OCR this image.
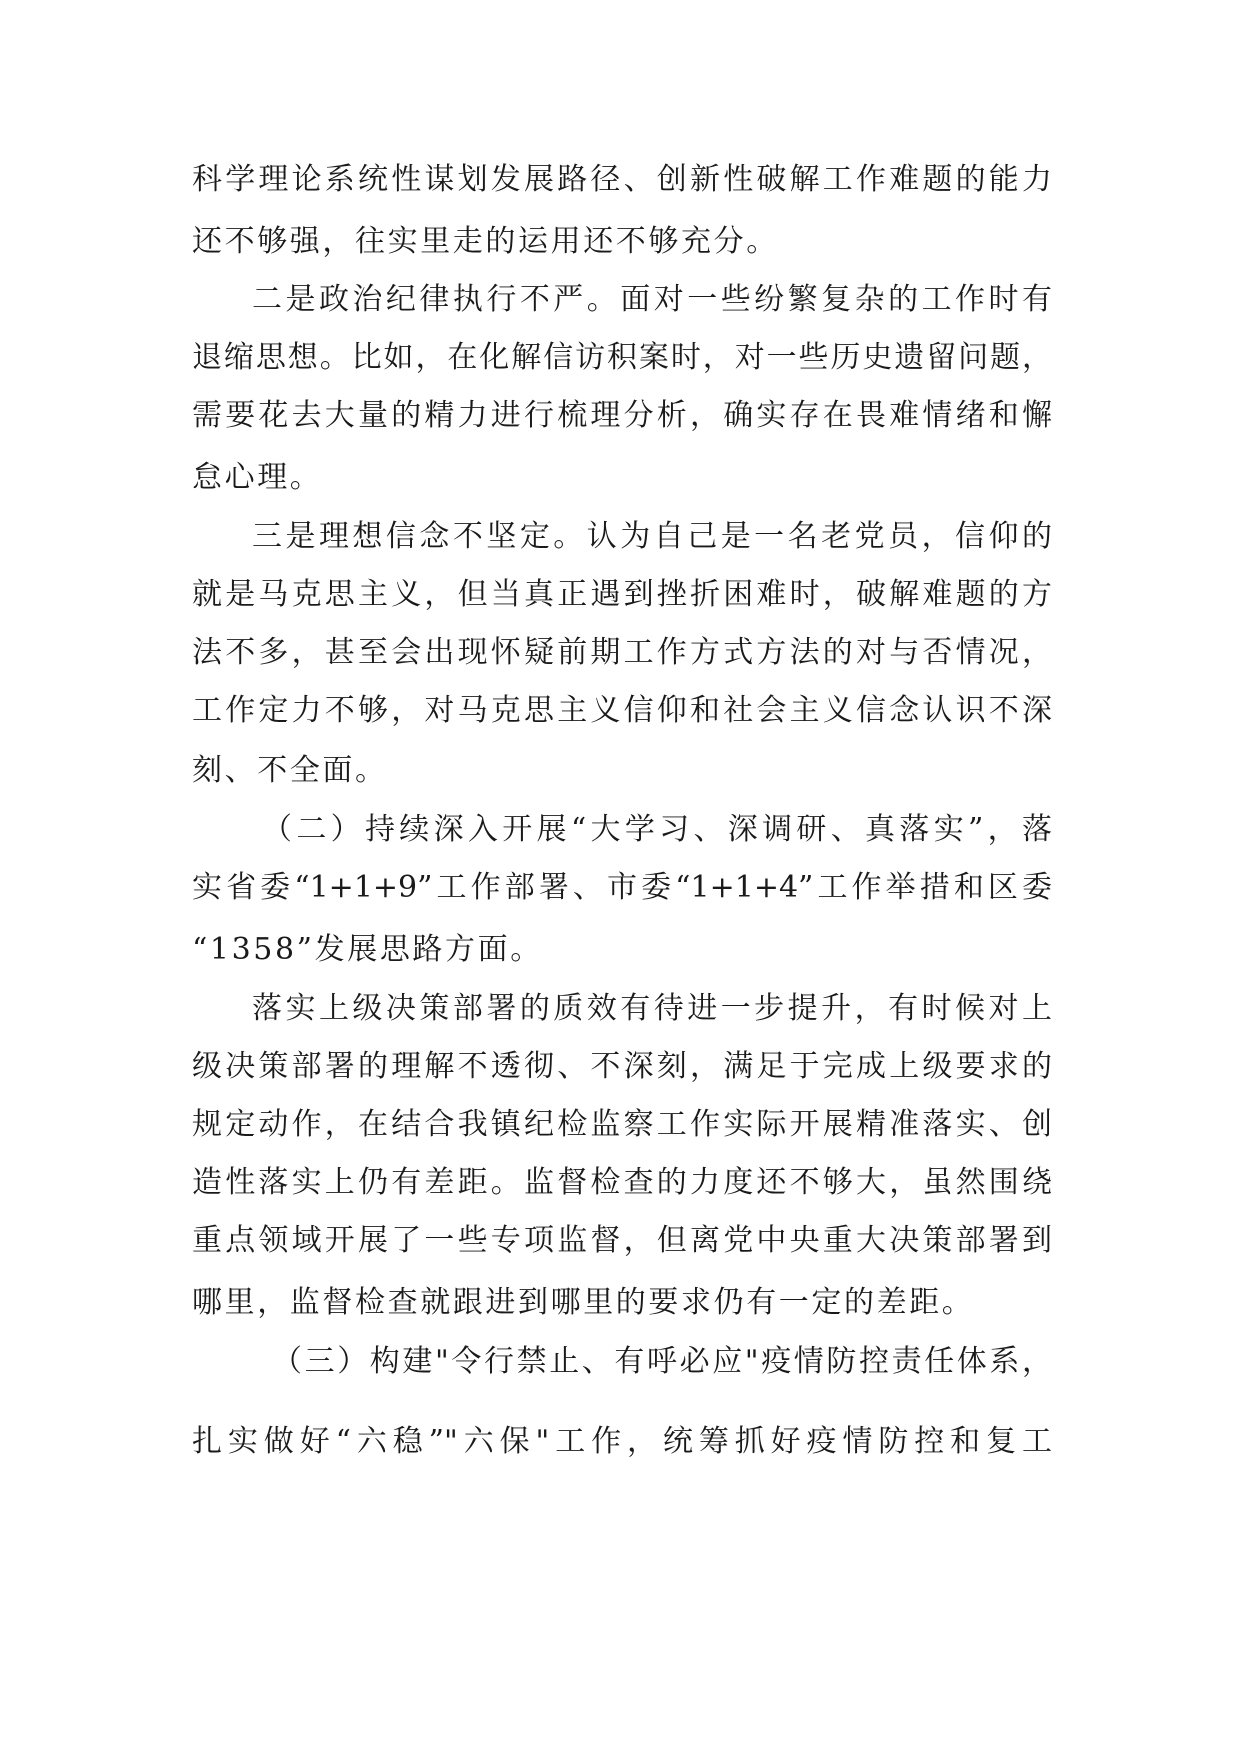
科学理论系统性谋划发展路径、创新性破解工作难题的能力
还不够强，往实里走的运用还不够充分。
二是政治纪律执行不严。面对一些纷繁复杂的工作时有
退缩思想。比如，在化解信访积案时，对一些历史遗留问题，
需要花去大量的精力进行梳理分析，确实存在畏难情绪和懈
怠心理。
三是理想信念不坚定。认为自己是一名老党员，信仰的
就是马克思主义，但当真正遇到挫折困难时，破解难题的方
法不多，甚至会出现怀疑前期工作方式方法的对与否情况，
工作定力不够，对马克思主义信仰和社会主义信念认识不深
刻、不全面。
（二）持续深入开展“大学习、深调研、真落实”，落
实省委“1+1+9”工作部署、市委“1+1+4”工作举措和区委
“1358”发展思路方面。
落实上级决策部署的质效有待进一步提升，有时候对上
级决策部署的理解不透彻、不深刻，满足于完成上级要求的
规定动作，在结合我镇纪检监察工作实际开展精准落实、创
造性落实上仍有差距。监督检查的力度还不够大，虽然围绕
重点领域开展了一些专项监督，但离党中央重大决策部署到
哪里，监督检查就跟进到哪里的要求仍有一定的差距。
（三）构建"令行禁止、有呼必应"疫情防控责任体系，
扎实做好“六稳”"六保"工作，统筹抓好疫情防控和复工
